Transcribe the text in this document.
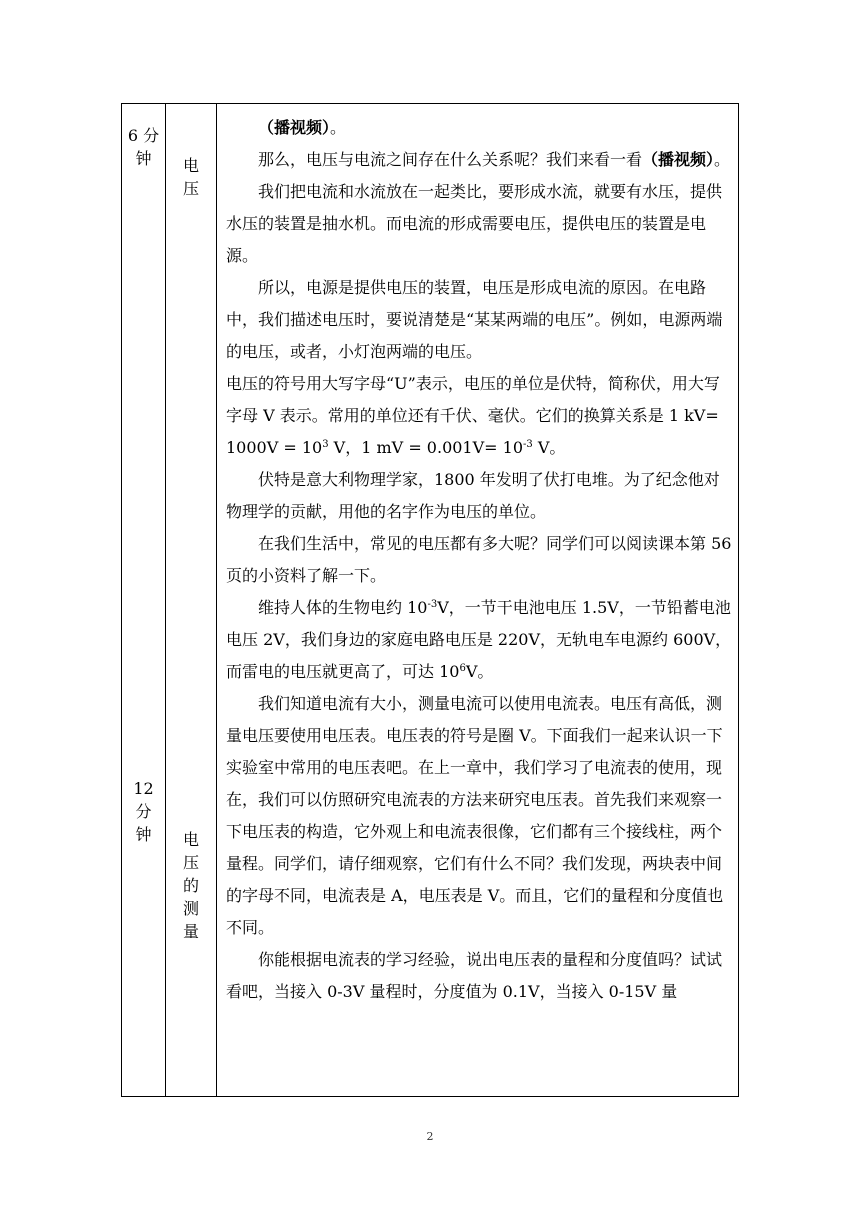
6 分
钟	电
压
12
分
钟	电
压
的
测
量

（播视频）。

那么，电压与电流之间存在什么关系呢？我们来看一看（播视频）。

我们把电流和水流放在一起类比，要形成水流，就要有水压，提供水压的装置是抽水机。而电流的形成需要电压，提供电压的装置是电源。

所以，电源是提供电压的装置，电压是形成电流的原因。在电路中，我们描述电压时，要说清楚是“某某两端的电压”。例如，电源两端的电压，或者，小灯泡两端的电压。

电压的符号用大写字母“U”表示，电压的单位是伏特，简称伏，用大写字母 V 表示。常用的单位还有千伏、毫伏。它们的换算关系是 1 $kV= 1000V = 10^3$ V，1 mV = $0.001V= 10^{-3}$ V。

伏特是意大利物理学家，1800 年发明了伏打电堆。为了纪念他对物理学的贡献，用他的名字作为电压的单位。

在我们生活中，常见的电压都有多大呢？同学们可以阅读课本第 56 页的小资料了解一下。

维持人体的生物电约 $10^{-3}V$，一节干电池电压 1.5V，一节铅蓄电池电压 2V，我们身边的家庭电路电压是 220V，无轨电车电源约 600V，而雷电的电压就更高了，可达 $10^6V$。

我们知道电流有大小，测量电流可以使用电流表。电压有高低，测量电压要使用电压表。电压表的符号是圈 V。下面我们一起来认识一下实验室中常用的电压表吧。在上一章中，我们学习了电流表的使用，现在，我们可以仿照研究电流表的方法来研究电压表。首先我们来观察一下电压表的构造，它外观上和电流表很像，它们都有三个接线柱，两个量程。同学们，请仔细观察，它们有什么不同？我们发现，两块表中间的字母不同，电流表是 A，电压表是 V。而且，它们的量程和分度值也不同。

你能根据电流表的学习经验，说出电压表的量程和分度值吗？试试看吧，当接入 0-3V 量程时，分度值为 0.1V，当接入 0-15V 量

2
